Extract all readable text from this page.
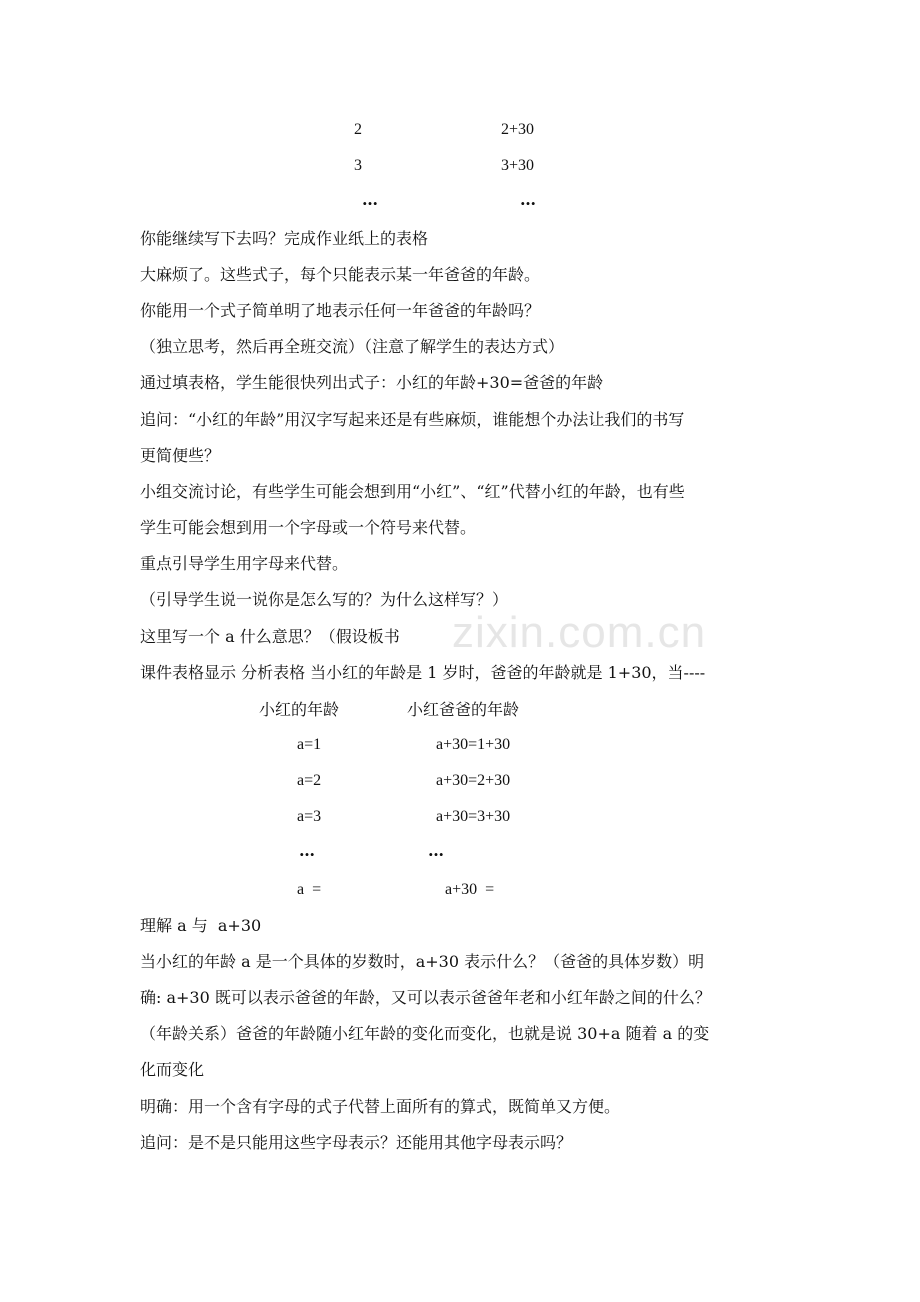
2	2+30
3	3+30
…	…
你能继续写下去吗？完成作业纸上的表格
大麻烦了。这些式子，每个只能表示某一年爸爸的年龄。
你能用一个式子简单明了地表示任何一年爸爸的年龄吗？
（独立思考，然后再全班交流）（注意了解学生的表达方式）
通过填表格，学生能很快列出式子：小红的年龄+30=爸爸的年龄
追问：“小红的年龄”用汉字写起来还是有些麻烦，谁能想个办法让我们的书写
更简便些？
小组交流讨论，有些学生可能会想到用“小红”、“红”代替小红的年龄，也有些
学生可能会想到用一个字母或一个符号来代替。
重点引导学生用字母来代替。
（引导学生说一说你是怎么写的？为什么这样写？）
这里写一个 a 什么意思？（假设板书
课件表格显示 分析表格 当小红的年龄是 1 岁时，爸爸的年龄就是 1+30，当----
小红的年龄	小红爸爸的年龄
a=1	a+30=1+30
a=2	a+30=2+30
a=3	a+30=3+30
…	…
a  =	a+30  =
理解 a 与  a+30
当小红的年龄 a 是一个具体的岁数时，a+30 表示什么？（爸爸的具体岁数）明
确: a+30 既可以表示爸爸的年龄，又可以表示爸爸年老和小红年龄之间的什么？
（年龄关系）爸爸的年龄随小红年龄的变化而变化，也就是说 30+a 随着 a 的变
化而变化
明确：用一个含有字母的式子代替上面所有的算式，既简单又方便。
追问：是不是只能用这些字母表示？还能用其他字母表示吗？
zixin.com.cn
